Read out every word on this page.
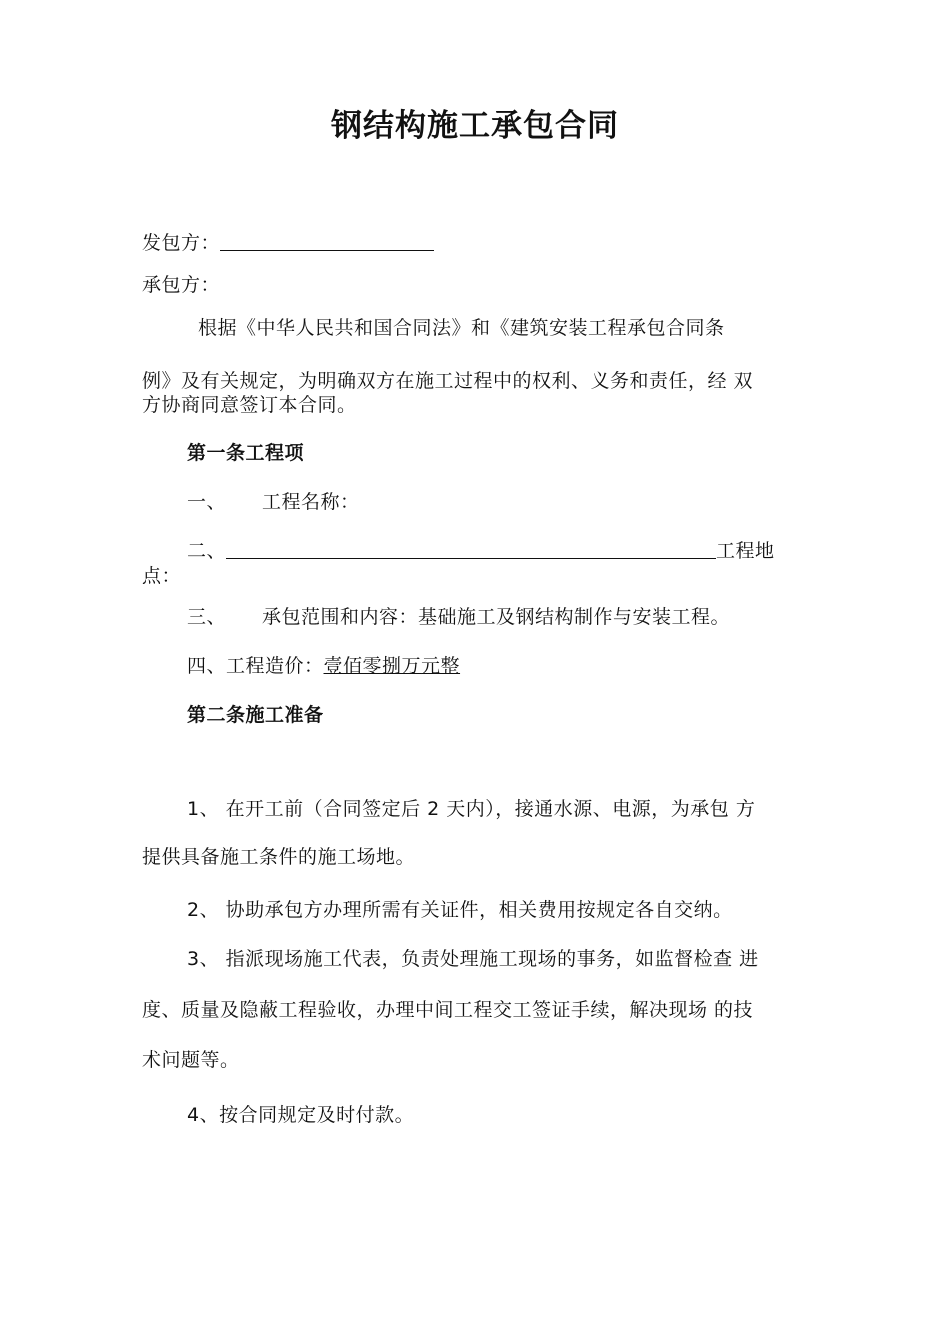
钢结构施工承包合同
发包方：
承包方：
根据《中华人民共和国合同法》和《建筑安装工程承包合同条
例》及有关规定，为明确双方在施工过程中的权利、义务和责任，经 双
方协商同意签订本合同。
第一条工程项
一、 工程名称：
二、	工程地
点：
三、 承包范围和内容：基础施工及钢结构制作与安装工程。
四、工程造价：壹佰零捌万元整
第二条施工准备
1、 在开工前（合同签定后 2 天内），接通水源、电源，为承包 方
提供具备施工条件的施工场地。
2、 协助承包方办理所需有关证件，相关费用按规定各自交纳。
3、 指派现场施工代表，负责处理施工现场的事务，如监督检查 进
度、质量及隐蔽工程验收，办理中间工程交工签证手续，解决现场 的技
术问题等。
4、按合同规定及时付款。
